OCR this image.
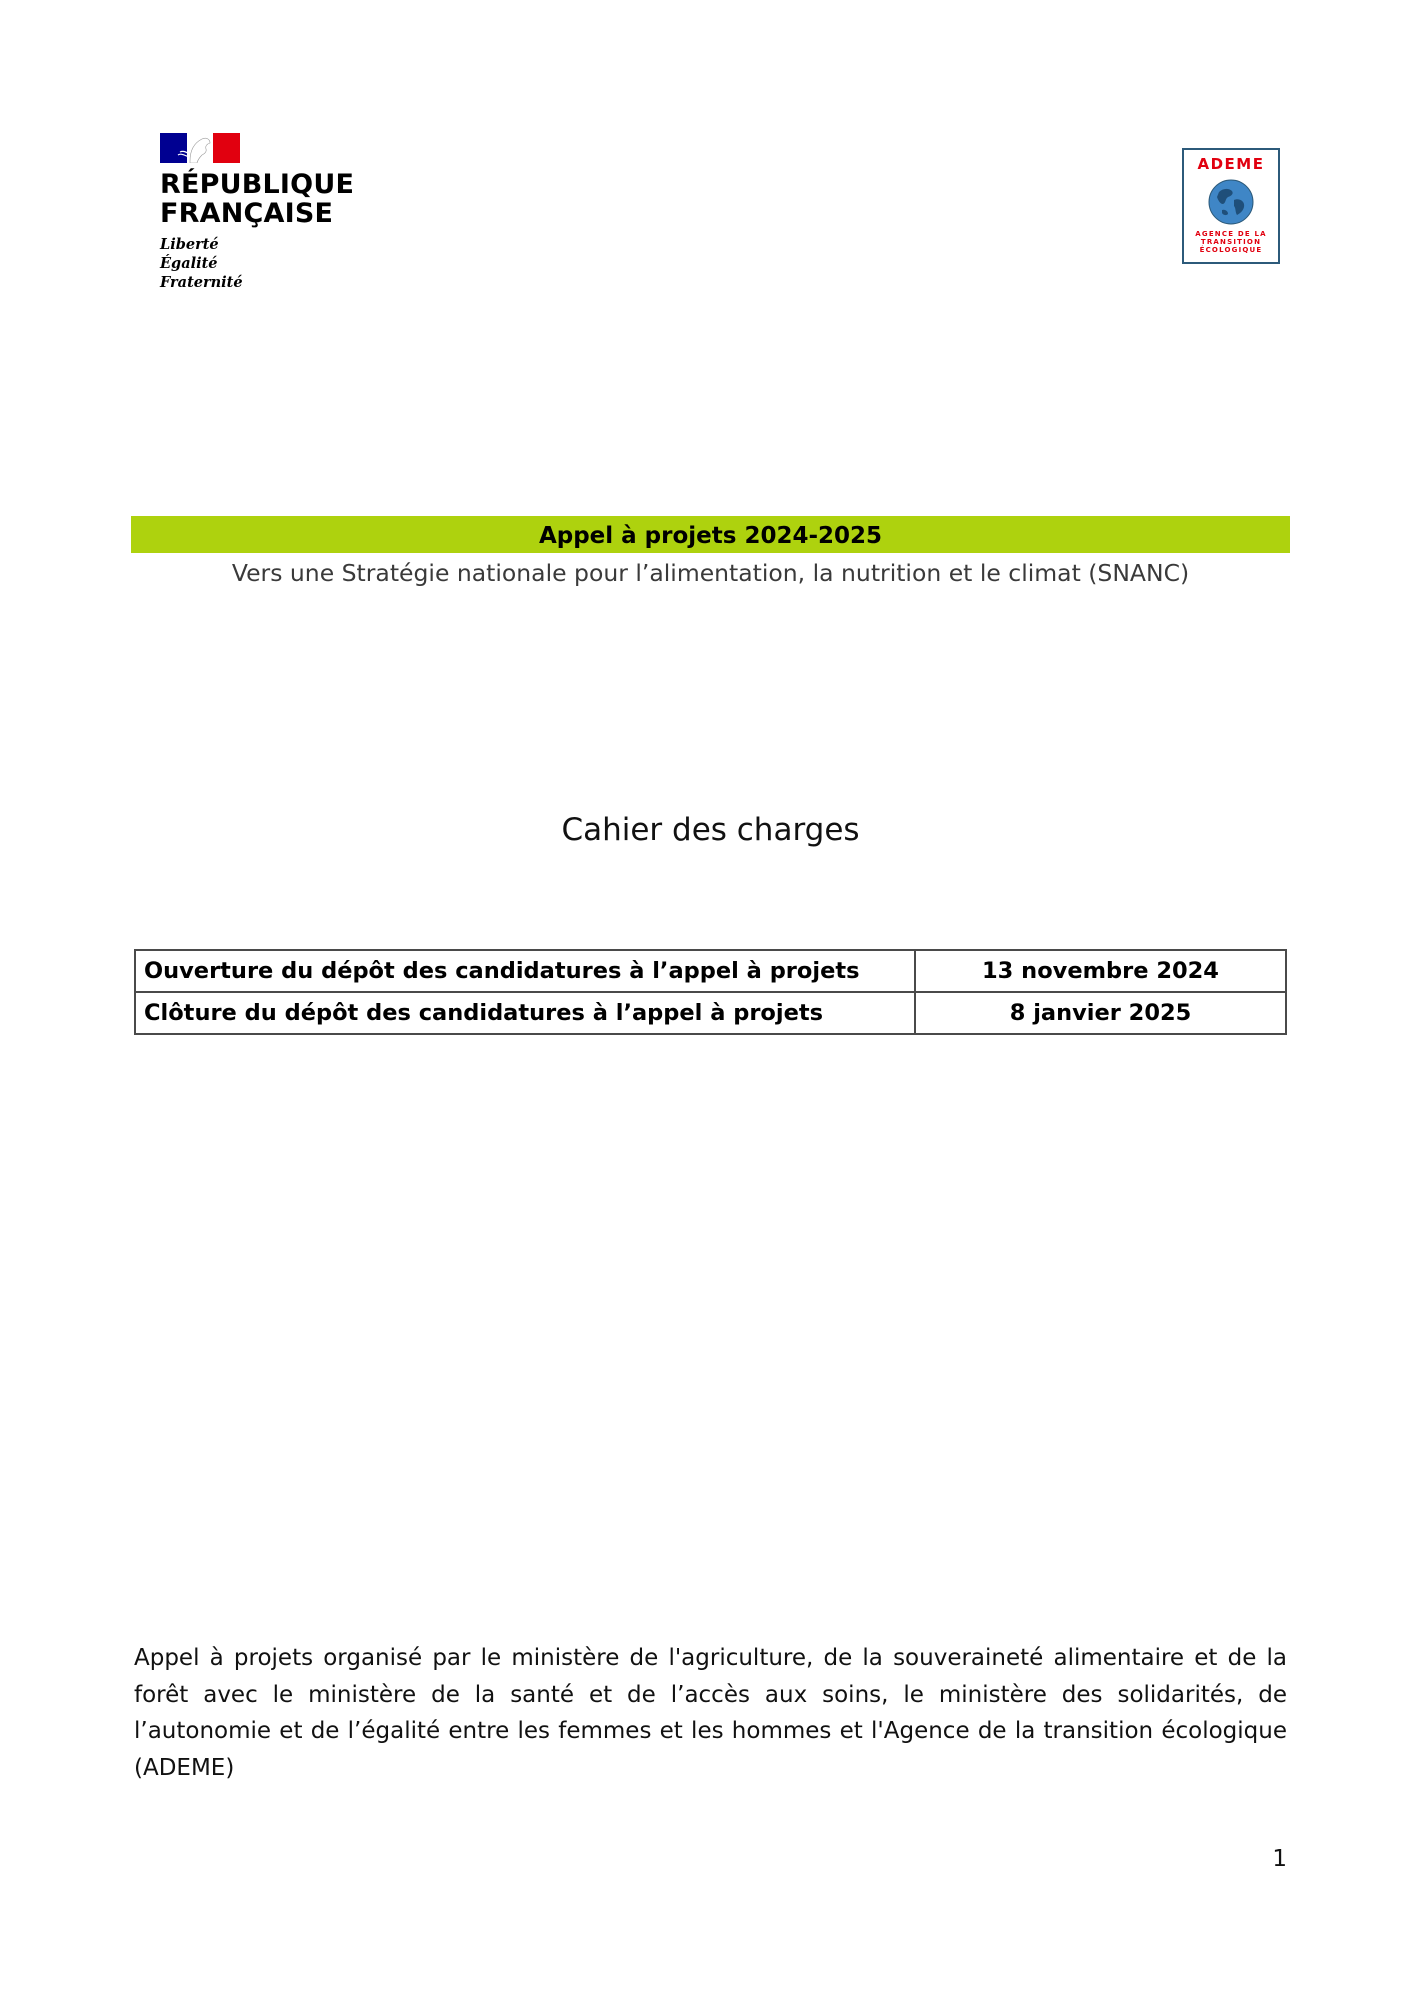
RÉPUBLIQUE
FRANÇAISE
Liberté
Égalité
Fraternité
ADEME
AGENCE DE LA
TRANSITION
ÉCOLOGIQUE
Appel à projets 2024-2025
Vers une Stratégie nationale pour l’alimentation, la nutrition et le climat (SNANC)
Cahier des charges
Ouverture du dépôt des candidatures à l’appel à projets	13 novembre 2024
Clôture du dépôt des candidatures à l’appel à projets	8 janvier 2025
Appel à projets organisé par le ministère de l'agriculture, de la souveraineté alimentaire et de la forêt avec le ministère de la santé et de l’accès aux soins, le ministère des solidarités, de l’autonomie et de l’égalité entre les femmes et les hommes et l'Agence de la transition écologique (ADEME)
1
